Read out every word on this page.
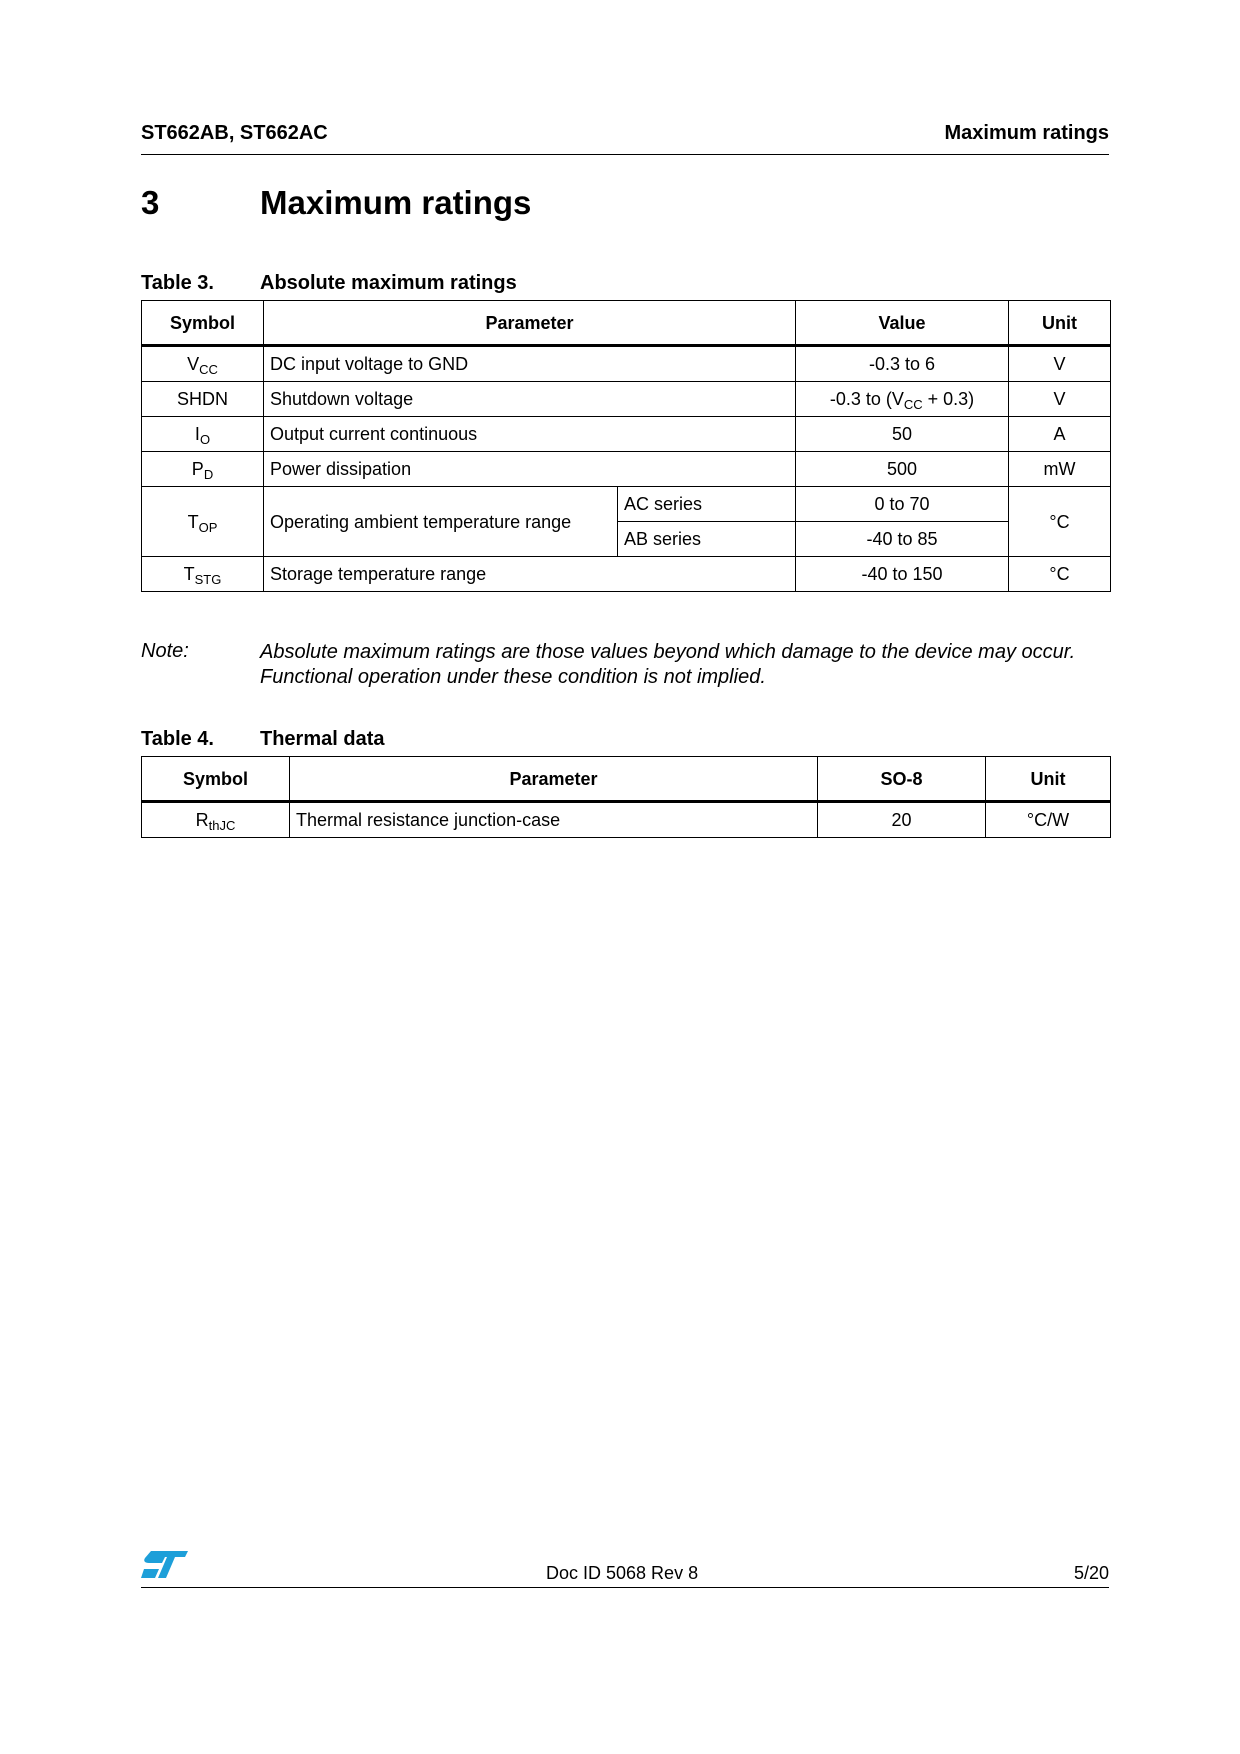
ST662AB, ST662AC	Maximum ratings
3	Maximum ratings
Table 3. Absolute maximum ratings
Symbol	Parameter		Value	Unit
$V_{CC}$	DC input voltage to GND		-0.3 to 6	V
SHDN	Shutdown voltage		-0.3 to $(V_{CC} + 0.3)$	V
$I_O$	Output current continuous		50	A
$P_D$	Power dissipation		500	mW
$T_{OP}$	Operating ambient temperature range	AC series	0 to 70	°C
		AB series	-40 to 85	
$T_{STG}$	Storage temperature range		-40 to 150	°C
Note:	Absolute maximum ratings are those values beyond which damage to the device may occur. Functional operation under these condition is not implied.
Table 4. Thermal data
Symbol	Parameter	SO-8	Unit
$R_{thJC}$	Thermal resistance junction-case	20	°C/W
Doc ID 5068 Rev 8	5/20
